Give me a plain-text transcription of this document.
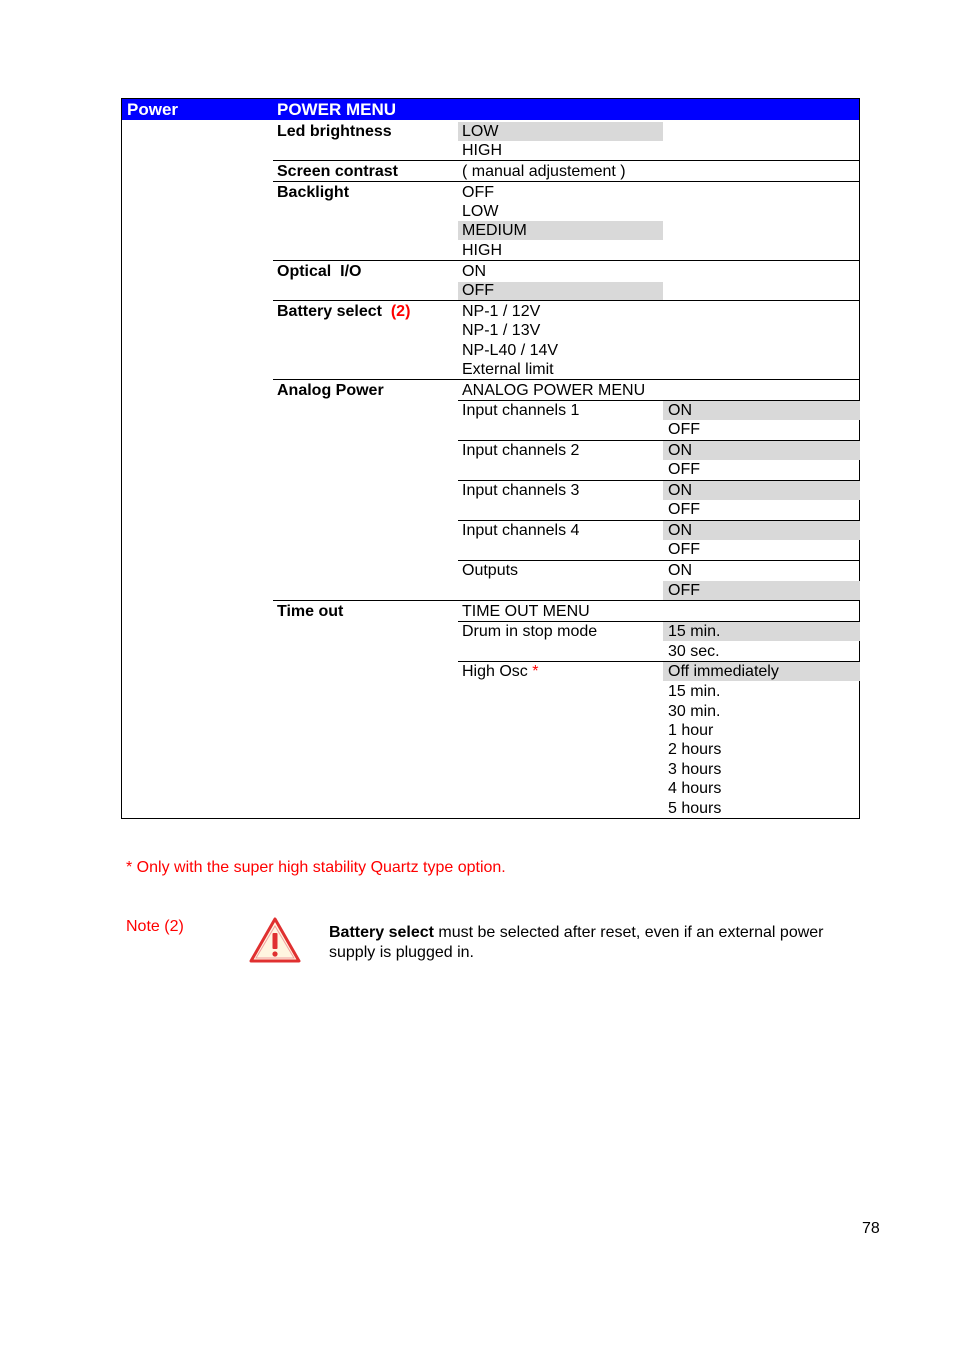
Power	POWER MENU
Led brightness	LOW
HIGH
Screen contrast	( manual adjustement )
Backlight	OFF
LOW
MEDIUM
HIGH
Optical  I/O	ON
OFF
Battery select (2)	NP-1 / 12V
NP-1 / 13V
NP-L40 / 14V
External limit
Analog Power	ANALOG POWER MENU
Input channels 1	ON
OFF
Input channels 2	ON
OFF
Input channels 3	ON
OFF
Input channels 4	ON
OFF
Outputs	ON
OFF
Time out	TIME OUT MENU
Drum in stop mode	15 min.
30 sec.
High Osc *	Off immediately
15 min.
30 min.
1 hour
2 hours
3 hours
4 hours
5 hours
* Only with the super high stability Quartz type option.
Note (2)	Battery select must be selected after reset, even if an external power
supply is plugged in.
78
